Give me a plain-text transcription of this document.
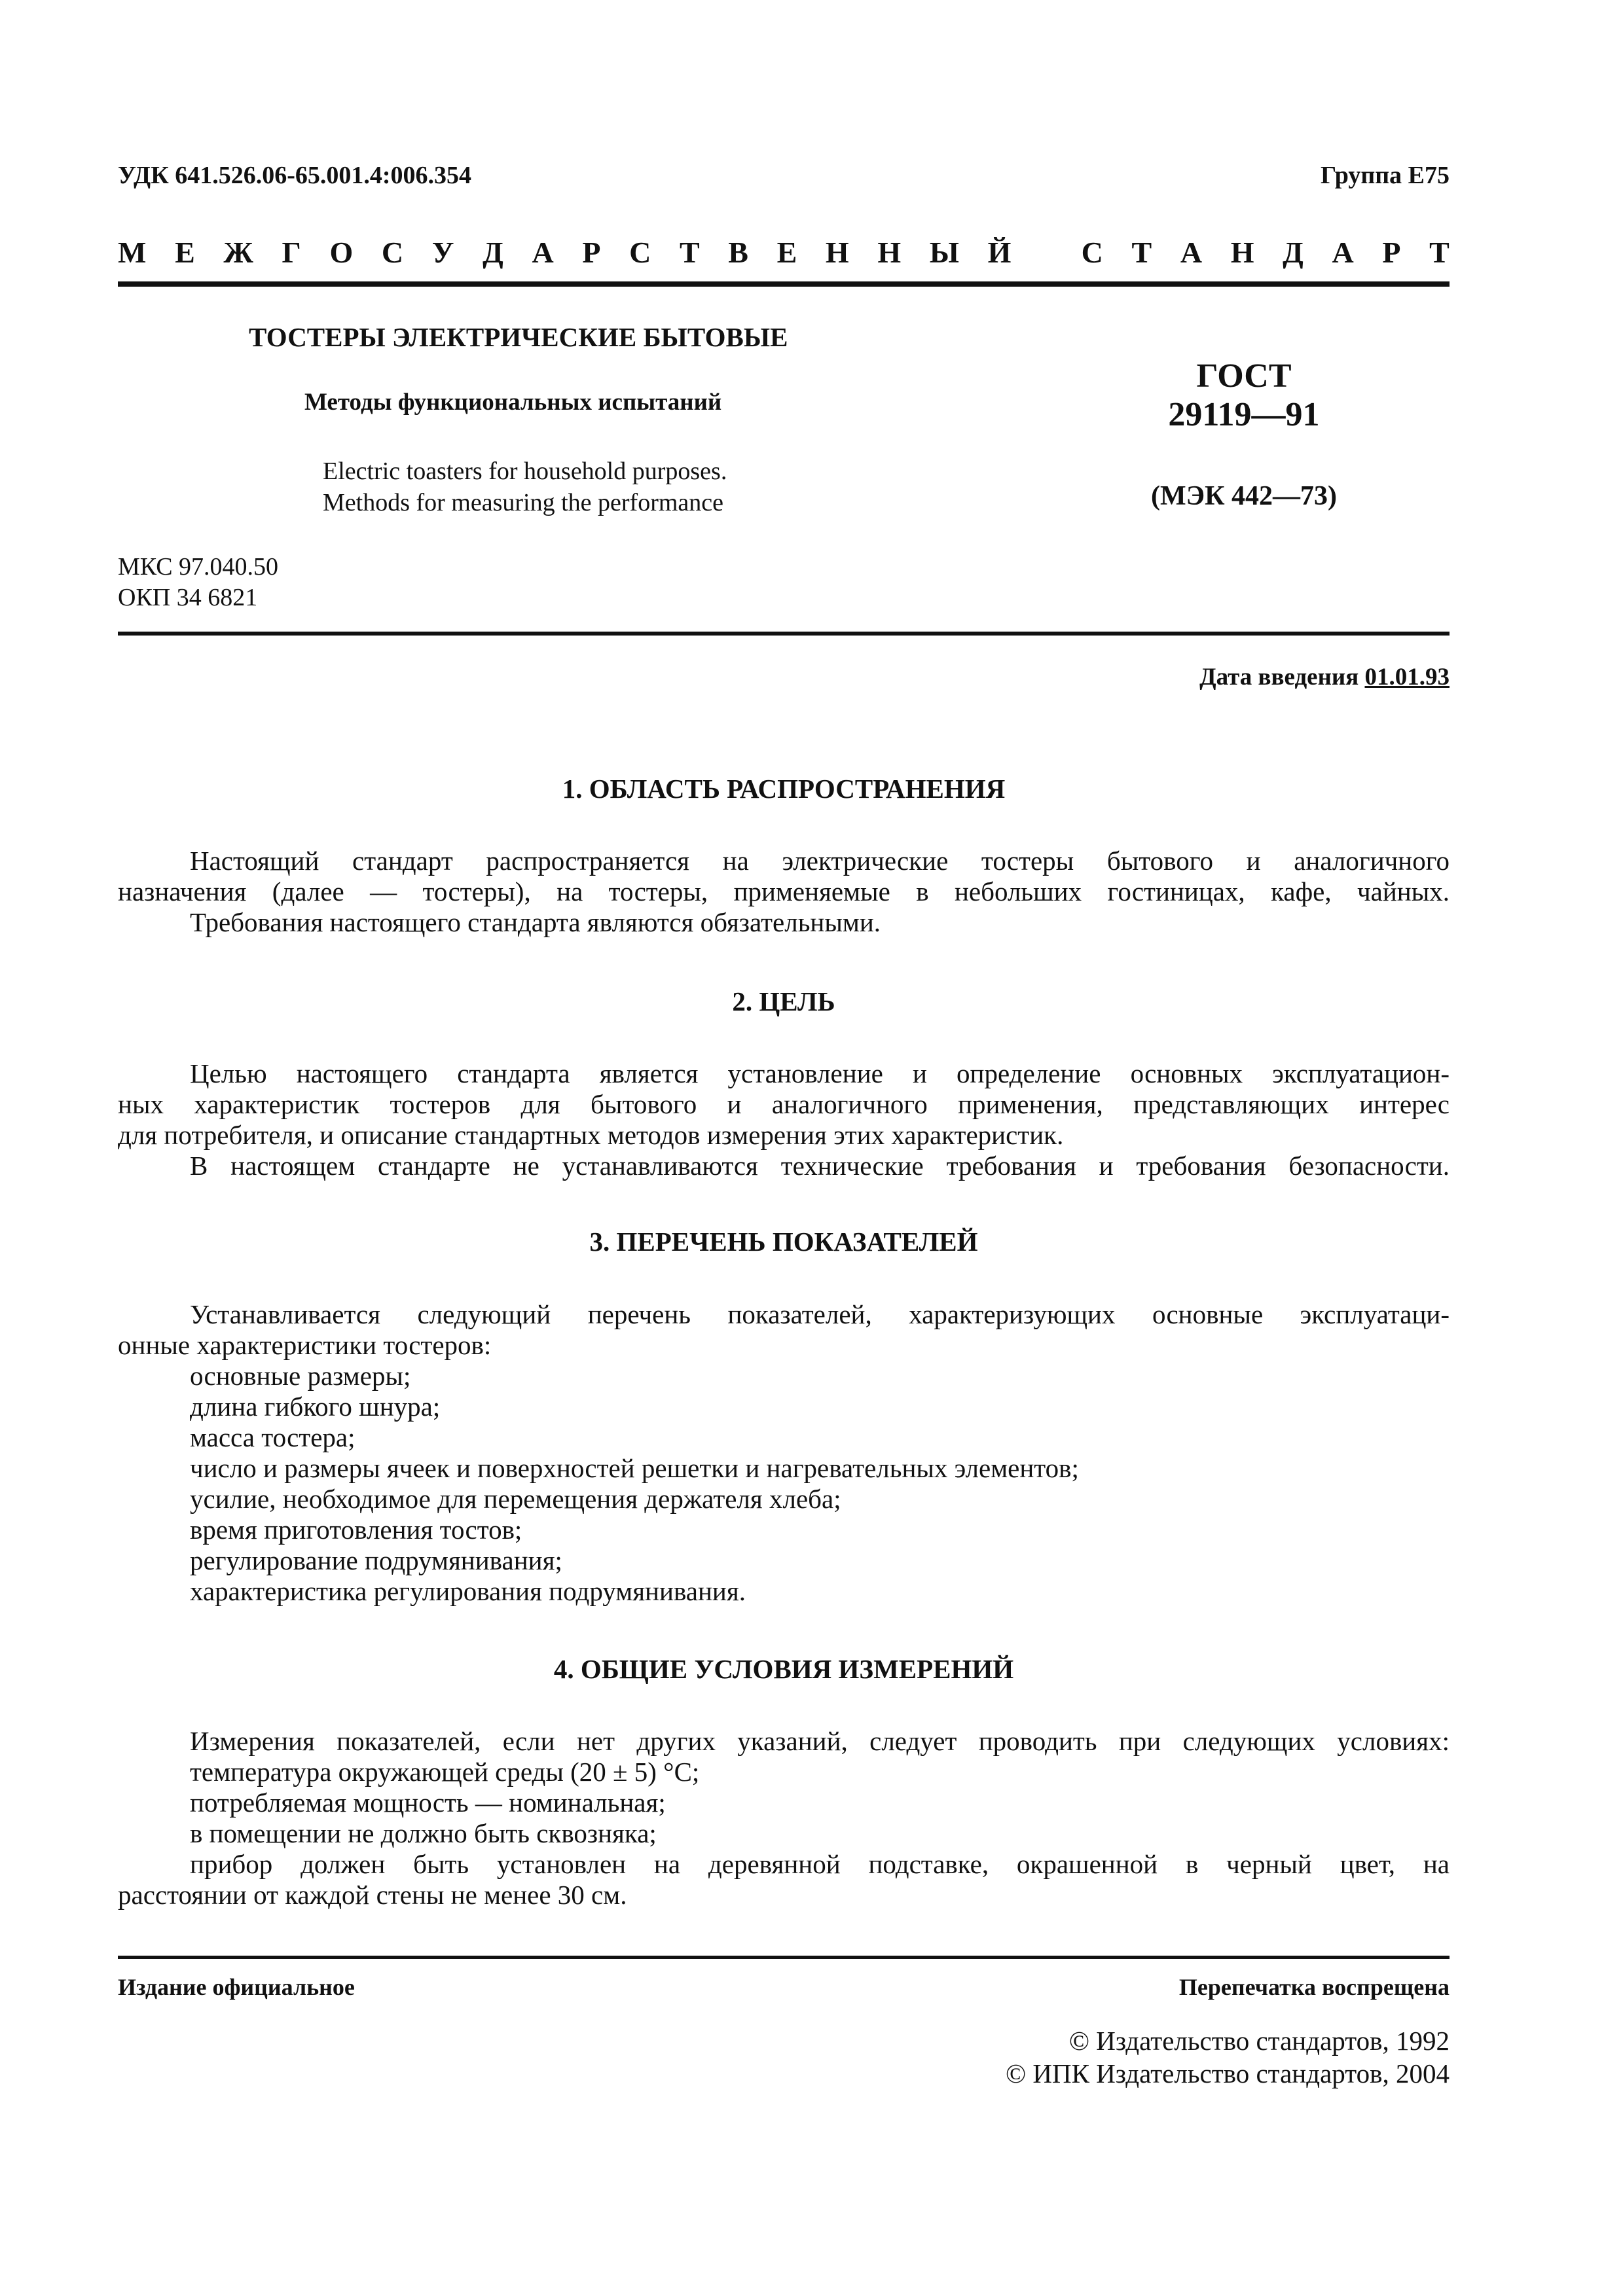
УДК 641.526.06-65.001.4:006.354	Группа Е75
М Е Ж Г О С У Д А Р С Т В Е Н Н Ы Й С Т А Н Д А Р Т
ТОСТЕРЫ ЭЛЕКТРИЧЕСКИЕ БЫТОВЫЕ
Методы функциональных испытаний
Electric toasters for household purposes.
Methods for measuring the performance
ГОСТ
29119—91
(МЭК 442—73)
МКС 97.040.50
ОКП 34 6821
Дата введения 01.01.93
1. ОБЛАСТЬ РАСПРОСТРАНЕНИЯ
Настоящий стандарт распространяется на электрические тостеры бытового и аналогичного
назначения (далее — тостеры), на тостеры, применяемые в небольших гостиницах, кафе, чайных.
Требования настоящего стандарта являются обязательными.
2. ЦЕЛЬ
Целью настоящего стандарта является установление и определение основных эксплуатацион-
ных характеристик тостеров для бытового и аналогичного применения, представляющих интерес
для потребителя, и описание стандартных методов измерения этих характеристик.
В настоящем стандарте не устанавливаются технические требования и требования безопасности.
3. ПЕРЕЧЕНЬ ПОКАЗАТЕЛЕЙ
Устанавливается следующий перечень показателей, характеризующих основные эксплуатаци-
онные характеристики тостеров:
основные размеры;
длина гибкого шнура;
масса тостера;
число и размеры ячеек и поверхностей решетки и нагревательных элементов;
усилие, необходимое для перемещения держателя хлеба;
время приготовления тостов;
регулирование подрумянивания;
характеристика регулирования подрумянивания.
4. ОБЩИЕ УСЛОВИЯ ИЗМЕРЕНИЙ
Измерения показателей, если нет других указаний, следует проводить при следующих условиях:
температура окружающей среды (20 ± 5) °С;
потребляемая мощность — номинальная;
в помещении не должно быть сквозняка;
прибор должен быть установлен на деревянной подставке, окрашенной в черный цвет, на
расстоянии от каждой стены не менее 30 см.
Издание официальное	Перепечатка воспрещена
© Издательство стандартов, 1992
© ИПК Издательство стандартов, 2004
